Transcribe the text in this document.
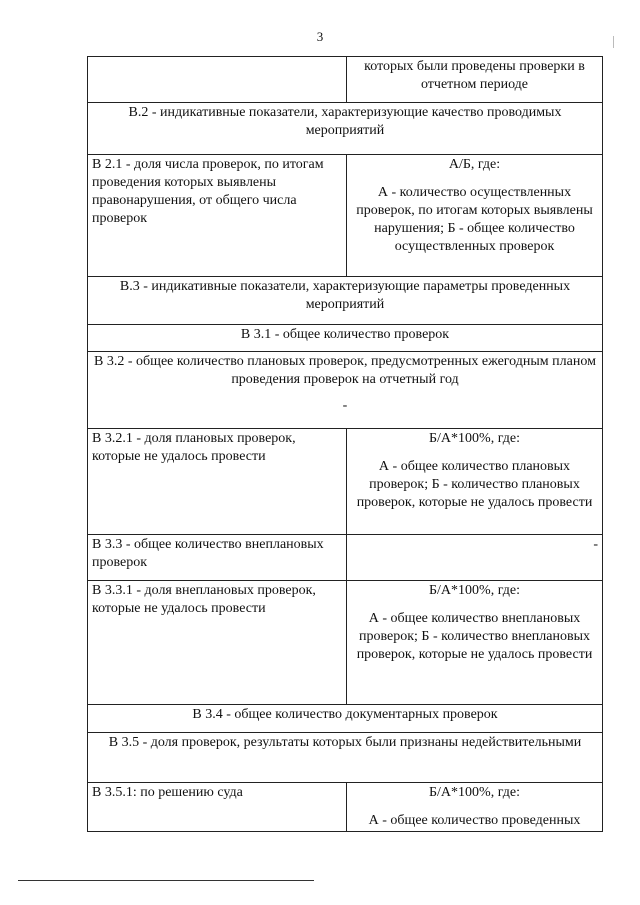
3
	которых были проведены проверки в отчетном периоде
В.2 - индикативные показатели, характеризующие качество проводимых мероприятий	
В 2.1 - доля числа проверок, по итогам проведения которых выявлены правонарушения, от общего числа проверок	А/Б, где:
А - количество осуществленных проверок, по итогам которых выявлены нарушения; Б - общее количество осуществленных проверок

В.3 - индикативные показатели, характеризующие параметры проведенных мероприятий	
В 3.1 - общее количество проверок	

В 3.2 - общее количество плановых проверок, предусмотренных ежегодным планом проведения проверок на отчетный год
-	

В 3.2.1 - доля плановых проверок, которые не удалось провести	Б/А*100%, где:
А - общее количество плановых проверок; Б - количество плановых проверок, которые не удалось провести

В 3.3 - общее количество внеплановых проверок	-
В 3.3.1 - доля внеплановых проверок, которые не удалось провести	Б/А*100%, где:
А - общее количество внеплановых проверок; Б - количество внеплановых проверок, которые не удалось провести

В 3.4 - общее количество документарных проверок	
В 3.5 - доля проверок, результаты которых были признаны недействительными	
В 3.5.1: по решению суда	Б/А*100%, где:
А - общее количество проведенных
